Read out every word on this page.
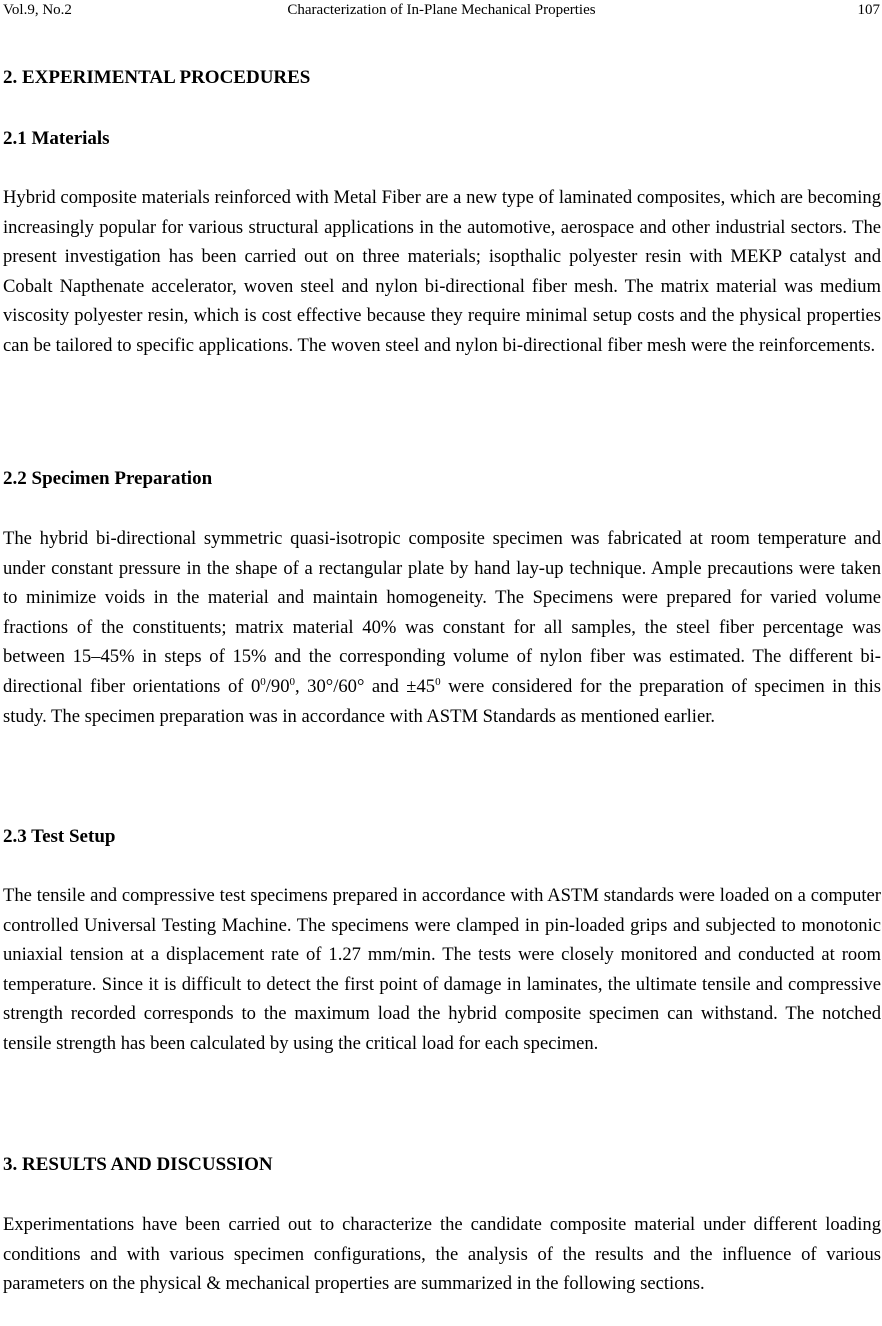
Vol.9, No.2	Characterization of In-Plane Mechanical Properties	107
2. EXPERIMENTAL PROCEDURES
2.1 Materials

Hybrid composite materials reinforced with Metal Fiber are a new type of laminated composites, which are becoming increasingly popular for various structural applications in the automotive, aerospace and other industrial sectors. The present investigation has been carried out on three materials; isopthalic polyester resin with MEKP catalyst and Cobalt Napthenate accelerator, woven steel and nylon bi-directional fiber mesh. The matrix material was medium viscosity polyester resin, which is cost effective because they require minimal setup costs and the physical properties can be tailored to specific applications. The woven steel and nylon bi-directional fiber mesh were the reinforcements.

2.2 Specimen Preparation

The hybrid bi-directional symmetric quasi-isotropic composite specimen was fabricated at room temperature and under constant pressure in the shape of a rectangular plate by hand lay-up technique. Ample precautions were taken to minimize voids in the material and maintain homogeneity. The Specimens were prepared for varied volume fractions of the constituents; matrix material 40% was constant for all samples, the steel fiber percentage was between 15–45% in steps of 15% and the corresponding volume of nylon fiber was estimated. The different bi-directional fiber orientations of $0^0/90^0$, 30°/60° and $\pm 45^0$ were considered for the preparation of specimen in this study. The specimen preparation was in accordance with ASTM Standards as mentioned earlier.

2.3 Test Setup

The tensile and compressive test specimens prepared in accordance with ASTM standards were loaded on a computer controlled Universal Testing Machine. The specimens were clamped in pin-loaded grips and subjected to monotonic uniaxial tension at a displacement rate of 1.27 mm/min. The tests were closely monitored and conducted at room temperature. Since it is difficult to detect the first point of damage in laminates, the ultimate tensile and compressive strength recorded corresponds to the maximum load the hybrid composite specimen can withstand. The notched tensile strength has been calculated by using the critical load for each specimen.

3. RESULTS AND DISCUSSION

Experimentations have been carried out to characterize the candidate composite material under different loading conditions and with various specimen configurations, the analysis of the results and the influence of various parameters on the physical & mechanical properties are summarized in the following sections.
